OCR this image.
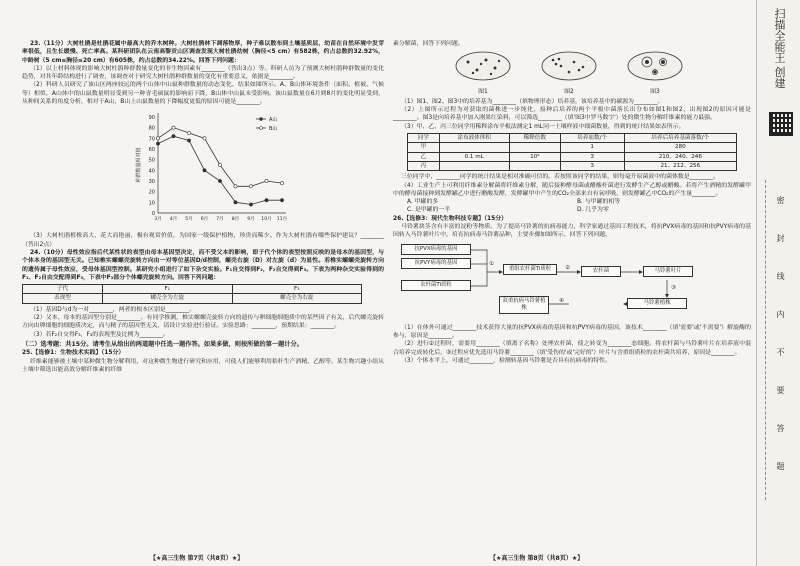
23.（11分）大树杜鹃是杜鹃花属中最高大的乔木树种。大树杜鹃林下凋落物厚，种子难以散布到土壤基质层，幼苗在自然环境中发芽率很低，且生长缓慢、死亡率高。某科研团队在云南高黎贡山区调查发现大树杜鹃幼树（胸径<5 cm）有582株，约占总数的32.92%，中龄树（5 cm≤胸径≤20 cm）有605株，约占总数的34.22%。回答下列问题：

（1）以上材料体现的影响大树杜鹃种群数量变化的非生物因素有________（答出3点）等。科研人员为了预测大树杜鹃种群数量的变化趋势，对其年龄结构进行了调查，该调查对于研究大树杜鹃种群数量的变化有重要意义，依据是________。

（2）科研人员研究了该山区两座较远的两个山体中山鼠种群数量的动态变化，结果如图所示。A、B山体环境条件（面积、植被、气候等）相似，A山体中的山鼠数量明显受到另一种青毛硕鼠的影响而下降，B山体中山鼠未受影响。该山鼠数量在6月到8月的变化明显受到，从种间关系的角度分析，相对于A山，B山上山鼠数量的下降幅度更低的原因可能是________。

0
10
20
30
40
50
60
70
80
90
3月 4月 5月 6月 7月 8月 9月 10月 11月
种群数量相对值
A山
B山

（3）大树杜鹃植株高大、花大而艳丽，极有观赏价值，为国家一级保护植物，珍贵而稀少。作为大树杜鹃有哪些保护建议？________（答出2点）

24.（10分）母性效应指后代某性状的表型由母本基因型决定，而不受父本的影响，即子代个体的表型按照反映的是母本的基因型，与个体本身的基因型无关。已知椎实螺螺壳旋转方向由一对等位基因D/d控制，螺壳右旋（D）对左旋（d）为显性。若椎实螺螺壳旋转方向的遗传属于母性效应，受母体基因型控制。某研究小组进行了如下杂交实验。F₁自交得到F₂，F₂自交得到F₃。下表为两种杂交实验得到的F₁、F₂自由交配得到F₃，下表中F₃部分个体螺壳旋转方向。回答下列问题：

子代	F₁	F₃
表现型	螺壳全为左旋	螺壳全为右旋

（1）基因D与d为一对________，两者的根本区别是________。

（2）父本、母本的基因型分别是________。有同学推测，椎实螺螺壳旋转方向的遗传与卵细胞细胞质中的某些因子有关，后代螺壳旋转方向由卵细胞的细胞质决定，而与精子的基因型无关，请设计实验进行验证。实验思路：________，预期结果：________。

（3）若F₂自交得F₃，F₃的表现型及比例为________。

（二）选考题：共15分。请考生从给出的两道题中任选一题作答。如果多做，则按所做的第一题计分。

25.【选修1：生物技术实践】（15分）

纤维素能够被土壤中某种微生物分解利用，对这种微生物进行研究和应用，可使人们能够利用秸秆生产酒精、乙醇等。某生物兴趣小组从土壤中筛选出能高效分解纤维素的纤维

【★高三生物 第7页（共8页）★】

素分解菌，回答下列问题。

图1	图2	图3

（1）图1、图2、图3中的培养基为________（填物理形态）培养基，该培养基中的碳源为________。

（2）上图所示过程为对获取的菌株进一步纯化，接种后培养的两个平板中菌落长出分布如图1和图2，出现图2的原因可能是________。图3是向培养基中加入刚果红染料，可以筛选________（填'图3中罗马数字'）处的微生物分解纤维素的能力最强。

（3）甲、乙、丙三位同学用稀释涂布平板法测定1 mL同一土壤样液中细菌数量，得到的统计结果如表所示。

同学	涂布液体体积	稀释倍数	培养皿数/个	培养后培养基菌落数/个
甲			1	280
乙	0.1 mL	10⁶	3	210、240、246
丙			3	21、212、256

三位同学中，________同学的统计结果是相对准确可信的。若按照该同学的结果，则每毫升原菌液中的菌体数是________。

（4）工业生产上可利用纤维素分解菌将纤维素分解，随后接种酵母菌或醋酸杆菌进行发酵生产乙醇或醋酸。若将产生酒精的发酵罐甲中的酵母菌接种到发酵罐乙中进行醋酸发酵，发酵罐甲中产生的CO₂全部来自有氧呼吸，则发酵罐乙中CO₂的产生量________。

A. 甲罐的多	B. 与甲罐的相等
C. 是甲罐的一半	D. 几乎为零

26.【选修3：现代生物科技专题】（15分）

马铃薯块茎含有丰富的淀粉等物质。为了提高马铃薯的抗病毒能力，科学家通过基因工程技术，将抗PVX病毒的基因和抗PVY病毒的基因转入马铃薯叶片中，培育抗病毒马铃薯品种，主要步骤如图所示，回答下列问题。

抗PVX病毒的基因
抗PVY病毒的基因
农杆菌Ti质粒
重组农杆菌Ti质粒	农杆菌	马铃薯叶片
双重抗病马铃薯植株
马铃薯植株
①
②
③
④

（1）在体外可通过________技术获得大量的抗PVX病毒的基因和抗PVY病毒的基因，该技术________（填'需要'或'不需要'）解旋酶的参与，原因是________。

（2）进行②过程时，需要用________（填离子名称）处理农杆菌，使之转变为________态细胞。将农杆菌与马铃薯叶片在培养液中混合培养完成转化后，③过程应优先选用马铃薯________（填'受伤的'或'完好的'）叶片与含重组质粒的农杆菌共培养，原因是________。

（3）个体水平上，可通过________，检测转基因马铃薯是否具有抗病毒的特性。

【★高三生物 第8页（共8页）★】
扫描全能王 创建
密
封
线
内
不
要
答
题
